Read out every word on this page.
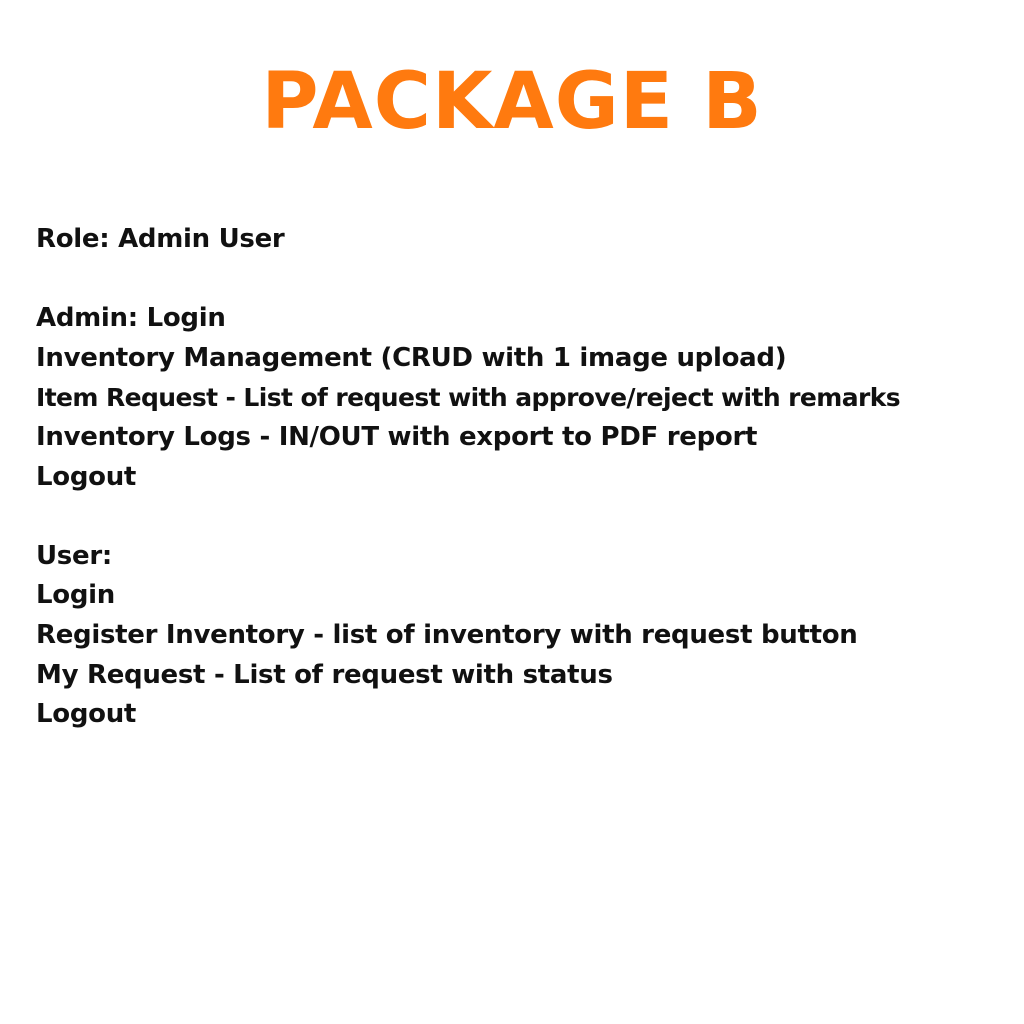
PACKAGE B
Role: Admin User
Admin: Login
Inventory Management (CRUD with 1 image upload)
Item Request - List of request with approve/reject with remarks
Inventory Logs - IN/OUT with export to PDF report
Logout
User:
Login
Register Inventory - list of inventory with request button
My Request - List of request with status
Logout
